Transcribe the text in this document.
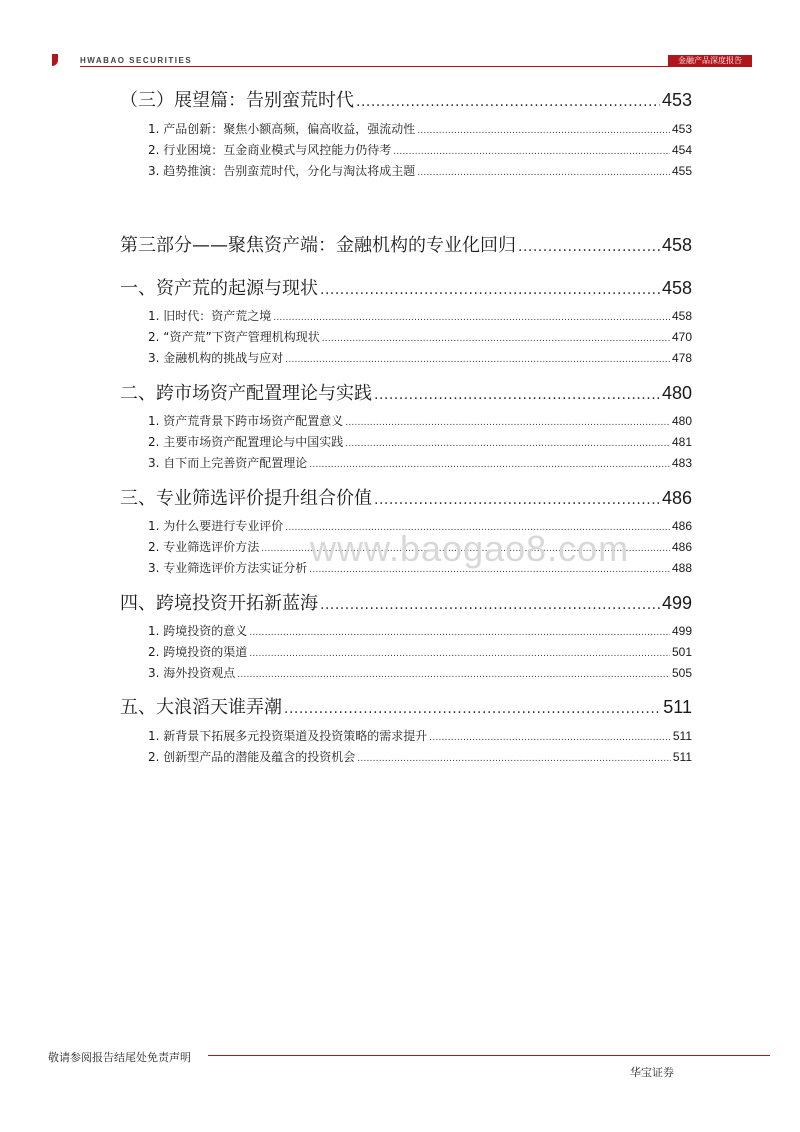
HWABAO SECURITIES	金融产品深度报告
（三）展望篇：告别蛮荒时代 .....	453
1. 产品创新：聚焦小额高频，偏高收益，强流动性 .....	453
2. 行业困境：互金商业模式与风控能力仍待考 .....	454
3. 趋势推演：告别蛮荒时代，分化与淘汰将成主题 .....	455
第三部分——聚焦资产端：金融机构的专业化回归 .....	458
一、资产荒的起源与现状 .....	458
1. 旧时代：资产荒之境 .....	458
2. “资产荒”下资产管理机构现状 .....	470
3. 金融机构的挑战与应对 .....	478
二、跨市场资产配置理论与实践 .....	480
1. 资产荒背景下跨市场资产配置意义 .....	480
2. 主要市场资产配置理论与中国实践 .....	481
3. 自下而上完善资产配置理论 .....	483
三、专业筛选评价提升组合价值 .....	486
1. 为什么要进行专业评价 .....	486
2. 专业筛选评价方法 .....	486
3. 专业筛选评价方法实证分析 .....	488
四、跨境投资开拓新蓝海 .....	499
1. 跨境投资的意义 .....	499
2. 跨境投资的渠道 .....	501
3. 海外投资观点 .....	505
五、大浪滔天谁弄潮 .....	511
1. 新背景下拓展多元投资渠道及投资策略的需求提升 .....	511
2. 创新型产品的潜能及蕴含的投资机会 .....	511
www.baogao8.com
敬请参阅报告结尾处免责声明
华宝证券
